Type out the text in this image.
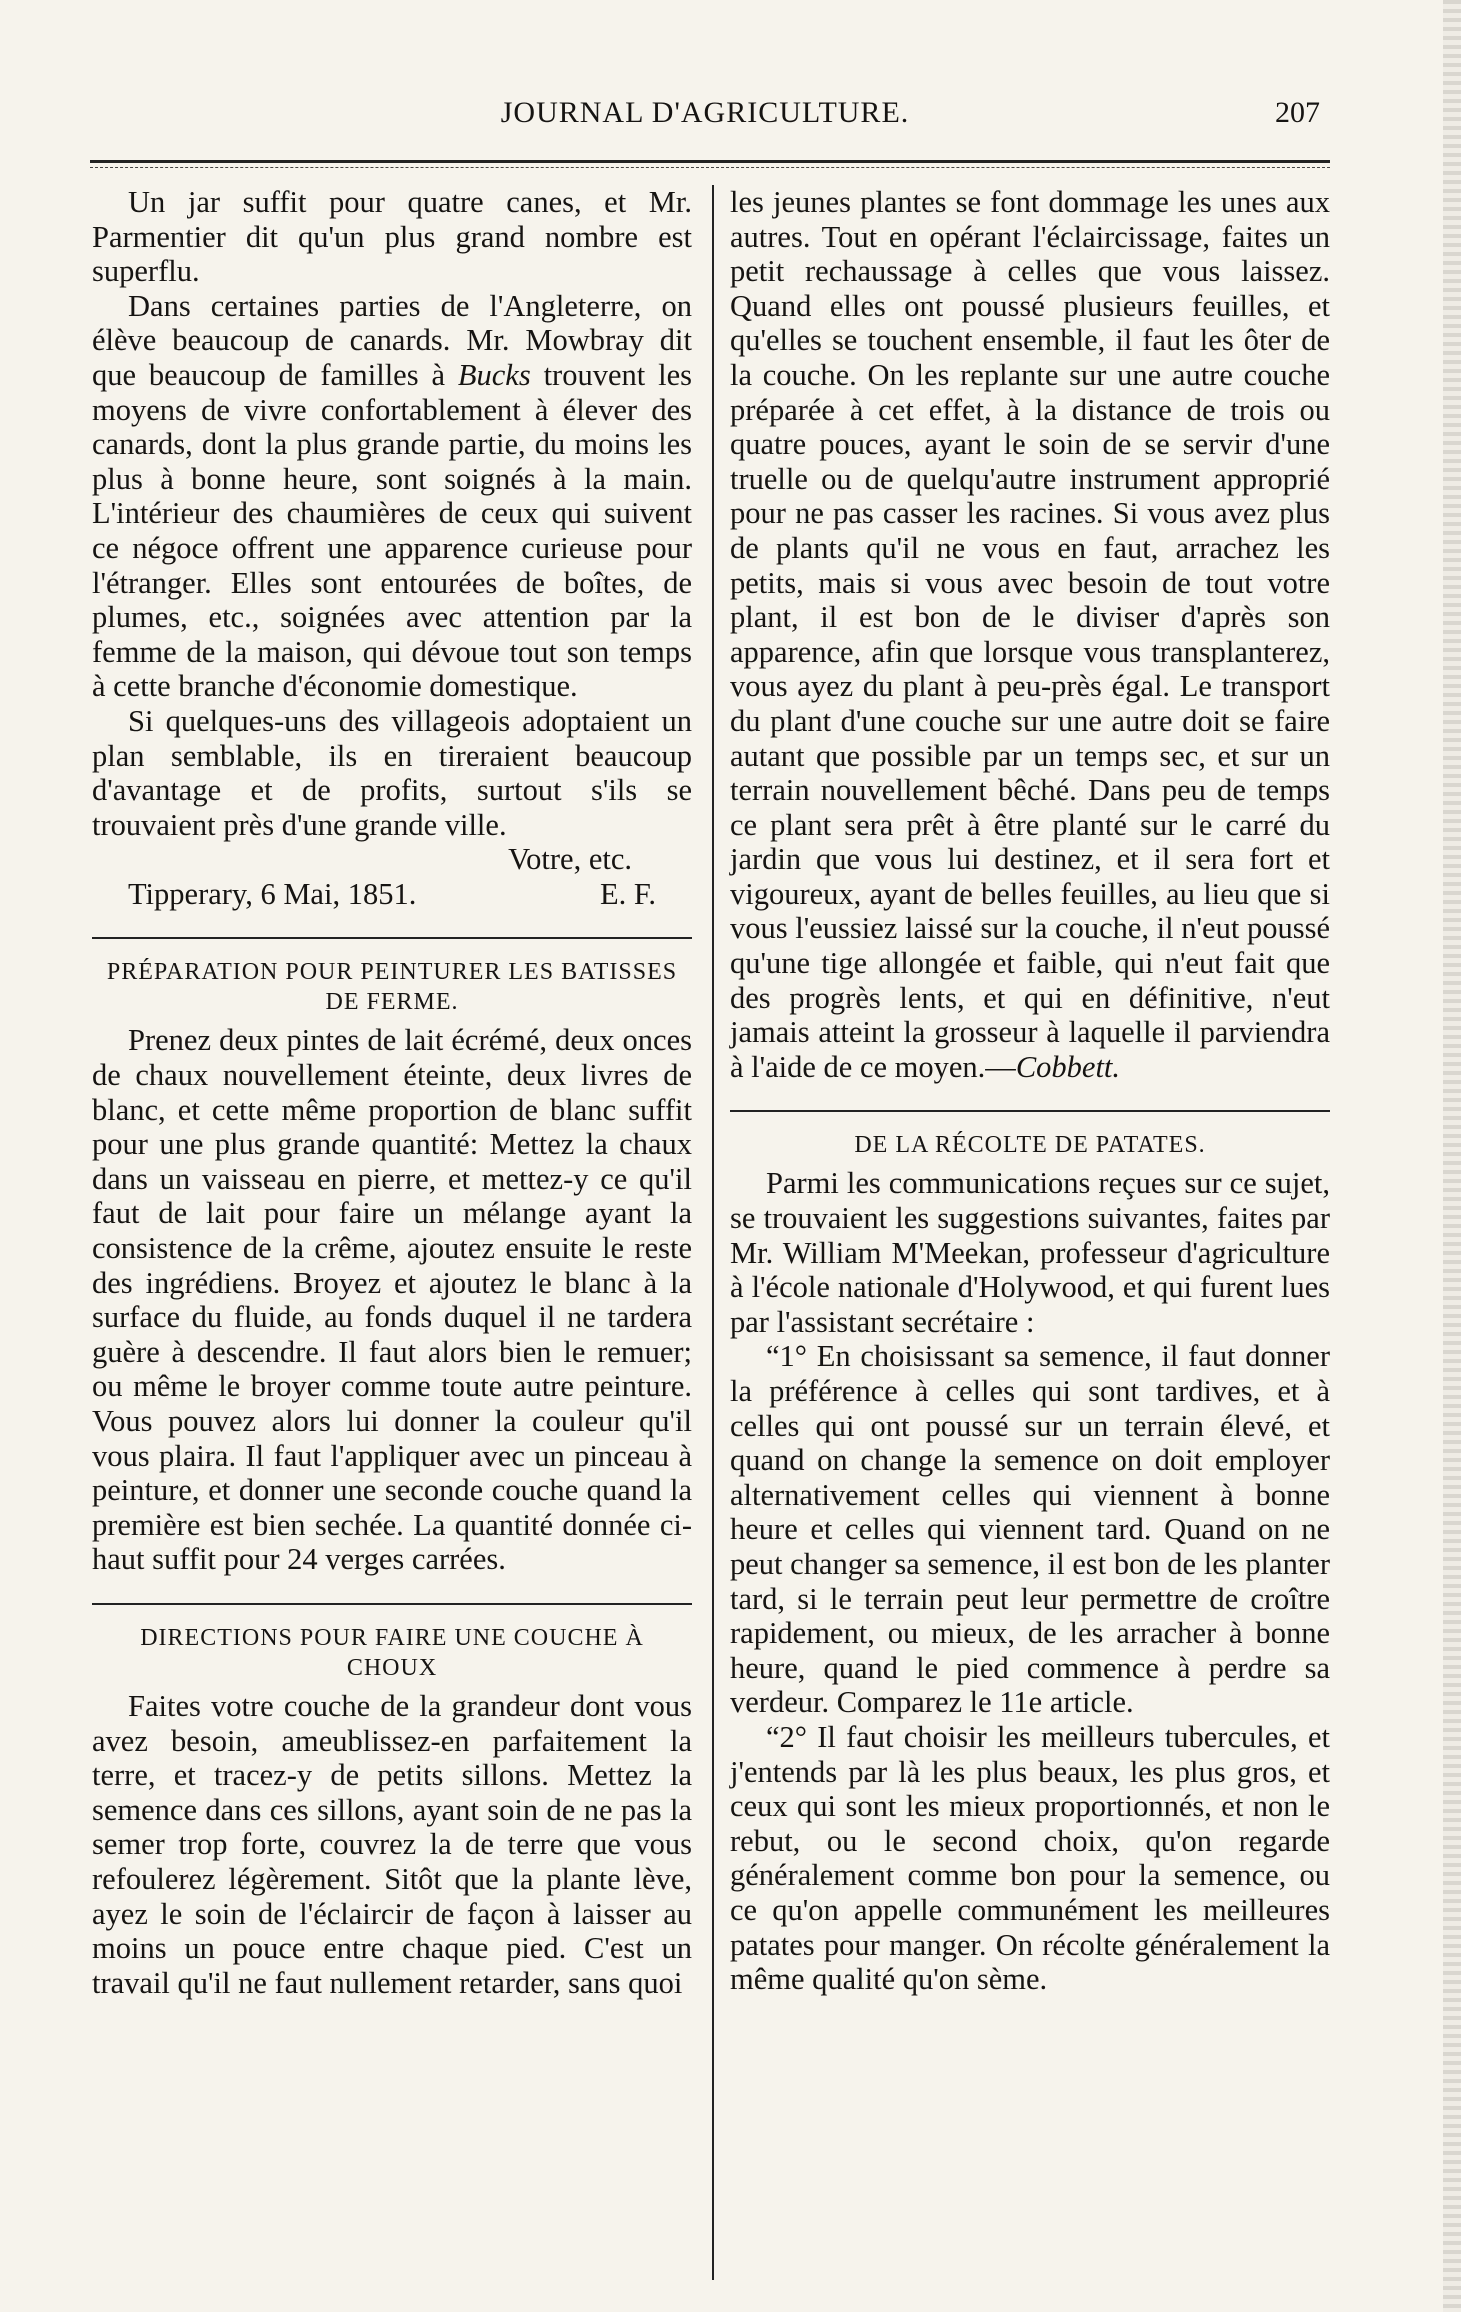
JOURNAL D'AGRICULTURE.	207

Un jar suffit pour quatre canes, et Mr. Parmentier dit qu'un plus grand nombre est superflu.

Dans certaines parties de l'Angleterre, on élève beaucoup de canards. Mr. Mowbray dit que beaucoup de familles à Bucks trouvent les moyens de vivre confortablement à élever des canards, dont la plus grande partie, du moins les plus à bonne heure, sont soignés à la main. L'intérieur des chaumières de ceux qui suivent ce négoce offrent une apparence curieuse pour l'étranger. Elles sont entourées de boîtes, de plumes, etc., soignées avec attention par la femme de la maison, qui dévoue tout son temps à cette branche d'économie domestique.

Si quelques-uns des villageois adoptaient un plan semblable, ils en tireraient beaucoup d'avantage et de profits, surtout s'ils se trouvaient près d'une grande ville.

Votre, etc.

Tipperary, 6 Mai, 1851.	E. F.

PRÉPARATION POUR PEINTURER LES BATISSES DE FERME.

Prenez deux pintes de lait écrémé, deux onces de chaux nouvellement éteinte, deux livres de blanc, et cette même proportion de blanc suffit pour une plus grande quantité: Mettez la chaux dans un vaisseau en pierre, et mettez-y ce qu'il faut de lait pour faire un mélange ayant la consistence de la crême, ajoutez ensuite le reste des ingrédiens. Broyez et ajoutez le blanc à la surface du fluide, au fonds duquel il ne tardera guère à descendre. Il faut alors bien le remuer; ou même le broyer comme toute autre peinture. Vous pouvez alors lui donner la couleur qu'il vous plaira. Il faut l'appliquer avec un pinceau à peinture, et donner une seconde couche quand la première est bien sechée. La quantité donnée ci-haut suffit pour 24 verges carrées.

DIRECTIONS POUR FAIRE UNE COUCHE À CHOUX

Faites votre couche de la grandeur dont vous avez besoin, ameublissez-en parfaitement la terre, et tracez-y de petits sillons. Mettez la semence dans ces sillons, ayant soin de ne pas la semer trop forte, couvrez la de terre que vous refoulerez légèrement. Sitôt que la plante lève, ayez le soin de l'éclaircir de façon à laisser au moins un pouce entre chaque pied. C'est un travail qu'il ne faut nullement retarder, sans quoi

les jeunes plantes se font dommage les unes aux autres. Tout en opérant l'éclaircissage, faites un petit rechaussage à celles que vous laissez. Quand elles ont poussé plusieurs feuilles, et qu'elles se touchent ensemble, il faut les ôter de la couche. On les replante sur une autre couche préparée à cet effet, à la distance de trois ou quatre pouces, ayant le soin de se servir d'une truelle ou de quelqu'autre instrument approprié pour ne pas casser les racines. Si vous avez plus de plants qu'il ne vous en faut, arrachez les petits, mais si vous avec besoin de tout votre plant, il est bon de le diviser d'après son apparence, afin que lorsque vous transplanterez, vous ayez du plant à peu-près égal. Le transport du plant d'une couche sur une autre doit se faire autant que possible par un temps sec, et sur un terrain nouvellement bêché. Dans peu de temps ce plant sera prêt à être planté sur le carré du jardin que vous lui destinez, et il sera fort et vigoureux, ayant de belles feuilles, au lieu que si vous l'eussiez laissé sur la couche, il n'eut poussé qu'une tige allongée et faible, qui n'eut fait que des progrès lents, et qui en définitive, n'eut jamais atteint la grosseur à laquelle il parviendra à l'aide de ce moyen.—Cobbett.

DE LA RÉCOLTE DE PATATES.

Parmi les communications reçues sur ce sujet, se trouvaient les suggestions suivantes, faites par Mr. William M'Meekan, professeur d'agriculture à l'école nationale d'Holywood, et qui furent lues par l'assistant secrétaire :

“1° En choisissant sa semence, il faut donner la préférence à celles qui sont tardives, et à celles qui ont poussé sur un terrain élevé, et quand on change la semence on doit employer alternativement celles qui viennent à bonne heure et celles qui viennent tard. Quand on ne peut changer sa semence, il est bon de les planter tard, si le terrain peut leur permettre de croître rapidement, ou mieux, de les arracher à bonne heure, quand le pied commence à perdre sa verdeur. Comparez le 11e article.

“2° Il faut choisir les meilleurs tubercules, et j'entends par là les plus beaux, les plus gros, et ceux qui sont les mieux proportionnés, et non le rebut, ou le second choix, qu'on regarde généralement comme bon pour la semence, ou ce qu'on appelle communément les meilleures patates pour manger. On récolte généralement la même qualité qu'on sème.
